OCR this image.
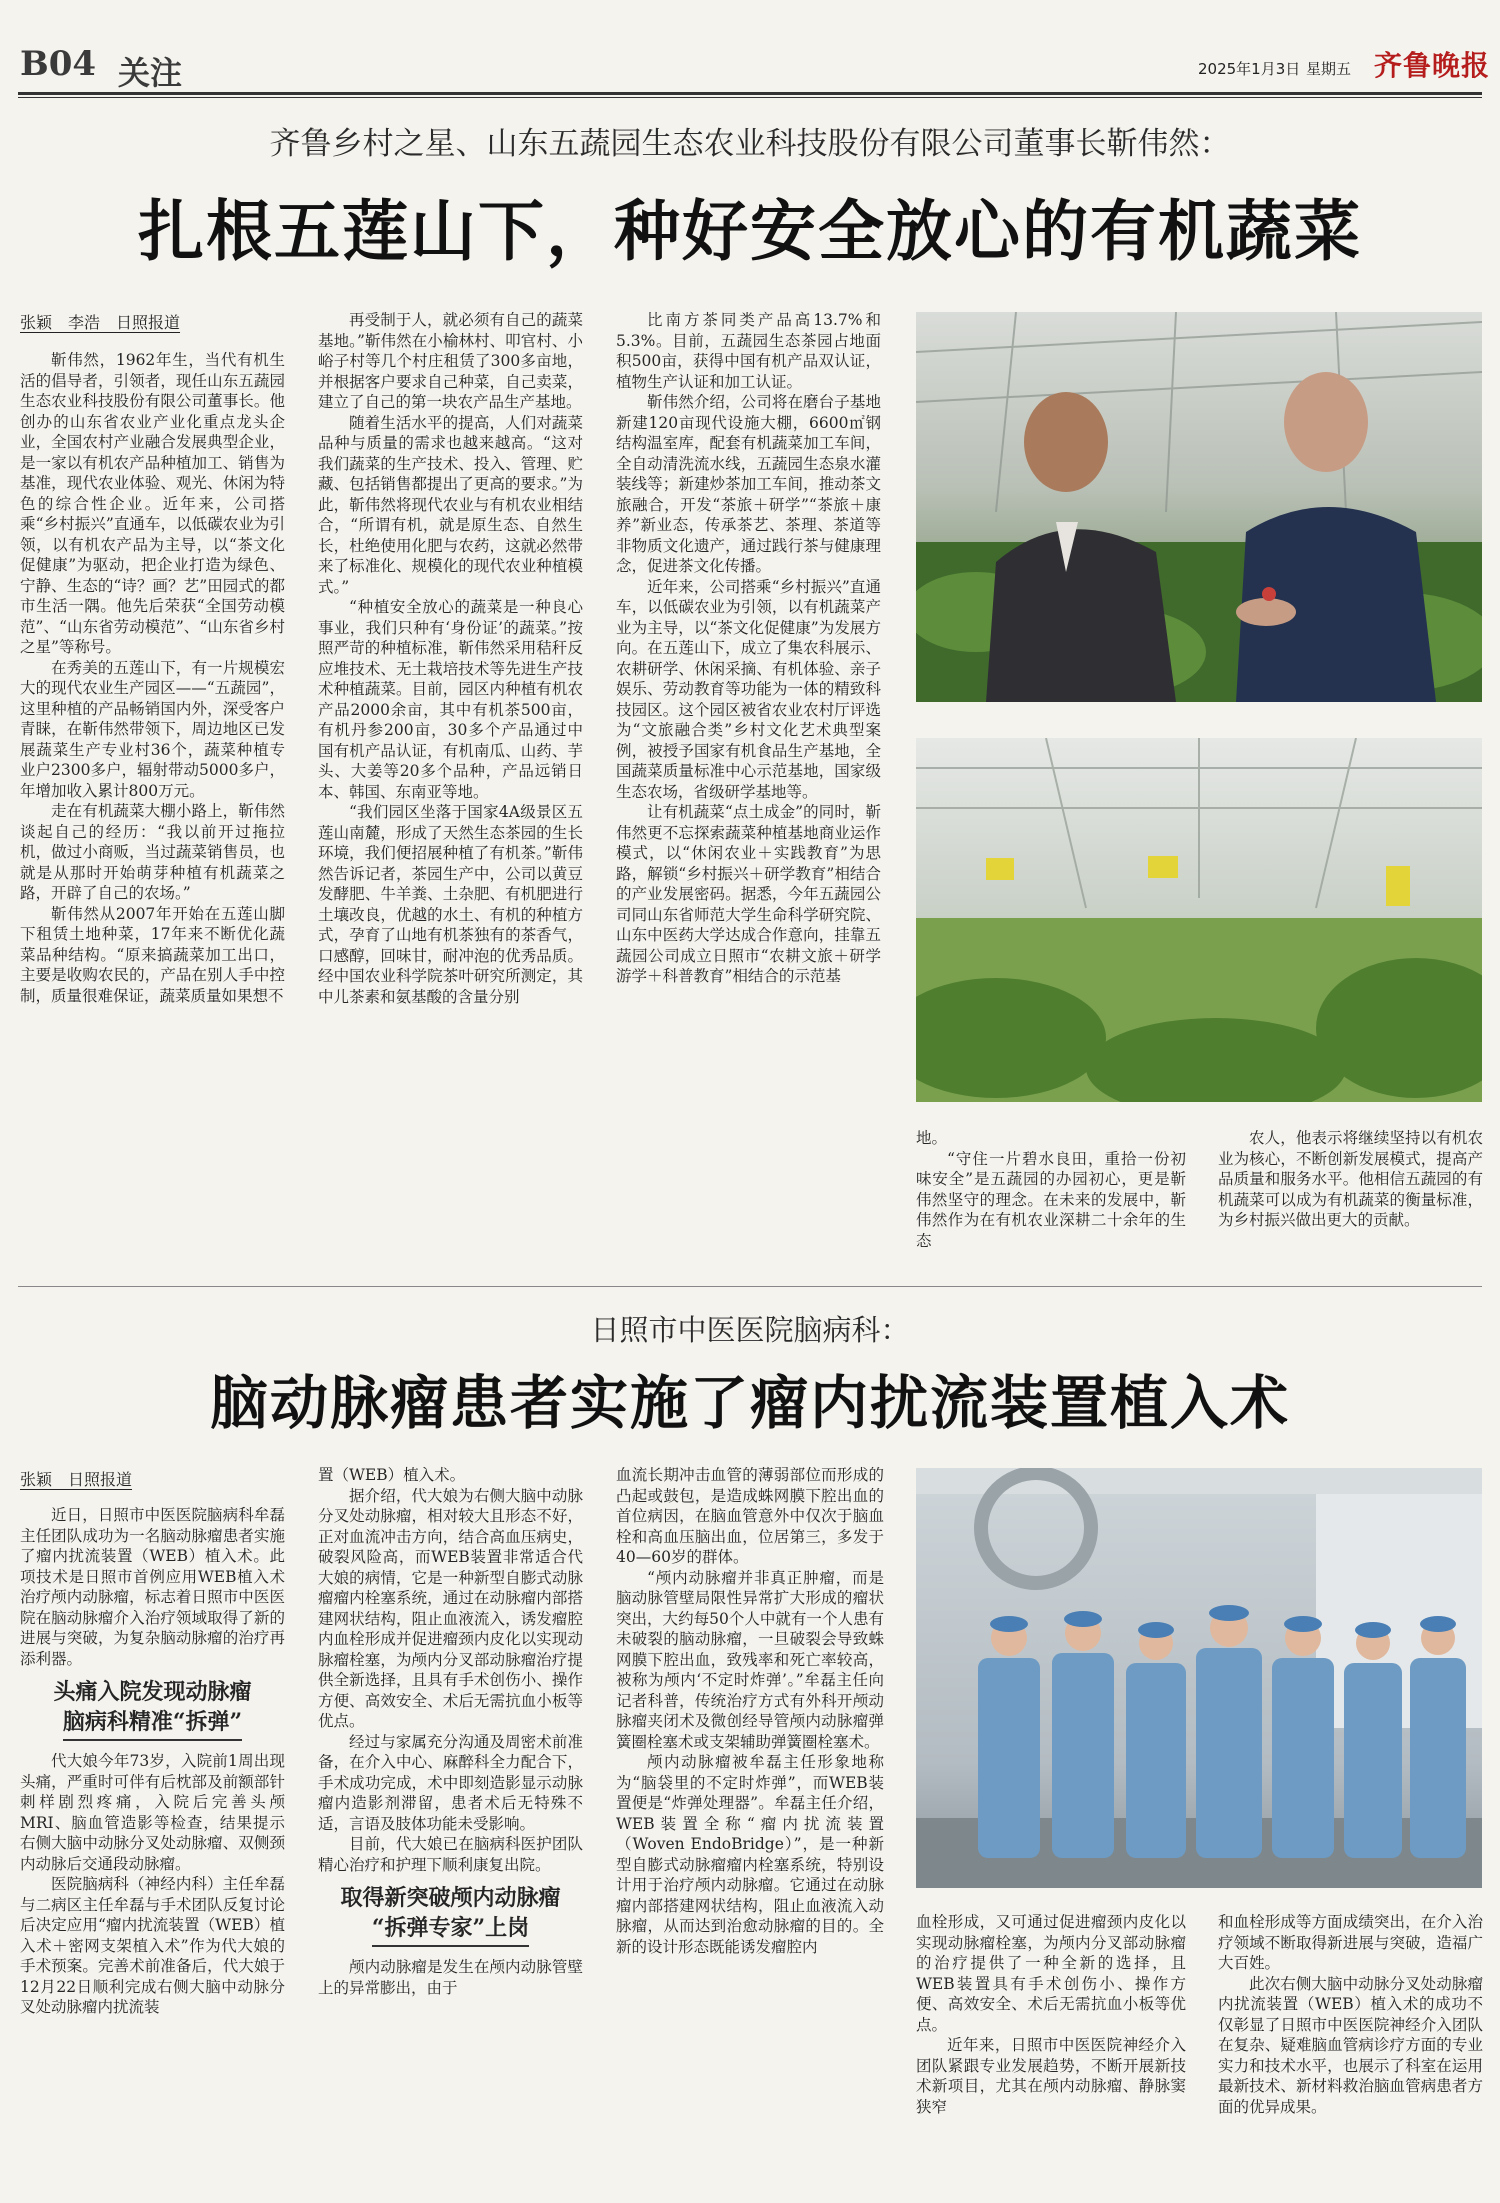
B04 关注	2025年1月3日 星期五 齐鲁晚报
齐鲁乡村之星、山东五蔬园生态农业科技股份有限公司董事长靳伟然：
扎根五莲山下，种好安全放心的有机蔬菜
张颖　李浩　日照报道

靳伟然，1962年生，当代有机生活的倡导者，引领者，现任山东五蔬园生态农业科技股份有限公司董事长。他创办的山东省农业产业化重点龙头企业，全国农村产业融合发展典型企业，是一家以有机农产品种植加工、销售为基准，现代农业体验、观光、休闲为特色的综合性企业。近年来，公司搭乘“乡村振兴”直通车，以低碳农业为引领，以有机农产品为主导，以“茶文化促健康”为驱动，把企业打造为绿色、宁静、生态的“诗？画？艺”田园式的都市生活一隅。他先后荣获“全国劳动模范”、“山东省劳动模范”、“山东省乡村之星”等称号。

在秀美的五莲山下，有一片规模宏大的现代农业生产园区——“五蔬园”，这里种植的产品畅销国内外，深受客户青睐，在靳伟然带领下，周边地区已发展蔬菜生产专业村36个，蔬菜种植专业户2300多户，辐射带动5000多户，年增加收入累计800万元。

走在有机蔬菜大棚小路上，靳伟然谈起自己的经历：“我以前开过拖拉机，做过小商贩，当过蔬菜销售员，也就是从那时开始萌芽种植有机蔬菜之路，开辟了自己的农场。”

靳伟然从2007年开始在五莲山脚下租赁土地种菜，17年来不断优化蔬菜品种结构。“原来搞蔬菜加工出口，主要是收购农民的，产品在别人手中控制，质量很难保证，蔬菜质量如果想不

再受制于人，就必须有自己的蔬菜基地。”靳伟然在小榆林村、叩官村、小峪子村等几个村庄租赁了300多亩地，并根据客户要求自己种菜，自己卖菜，建立了自己的第一块农产品生产基地。

随着生活水平的提高，人们对蔬菜品种与质量的需求也越来越高。“这对我们蔬菜的生产技术、投入、管理、贮藏、包括销售都提出了更高的要求。”为此，靳伟然将现代农业与有机农业相结合，“所谓有机，就是原生态、自然生长，杜绝使用化肥与农药，这就必然带来了标准化、规模化的现代农业种植模式。”

“种植安全放心的蔬菜是一种良心事业，我们只种有‘身份证’的蔬菜。”按照严苛的种植标准，靳伟然采用秸秆反应堆技术、无土栽培技术等先进生产技术种植蔬菜。目前，园区内种植有机农产品2000余亩，其中有机茶500亩，有机丹参200亩，30多个产品通过中国有机产品认证，有机南瓜、山药、芋头、大姜等20多个品种，产品远销日本、韩国、东南亚等地。

“我们园区坐落于国家4A级景区五莲山南麓，形成了天然生态茶园的生长环境，我们便招展种植了有机茶。”靳伟然告诉记者，茶园生产中，公司以黄豆发酵肥、牛羊粪、土杂肥、有机肥进行土壤改良，优越的水土、有机的种植方式，孕育了山地有机茶独有的茶香气，口感醇，回味甘，耐冲泡的优秀品质。经中国农业科学院茶叶研究所测定，其中儿茶素和氨基酸的含量分别

比南方茶同类产品高13.7%和5.3%。目前，五蔬园生态茶园占地面积500亩，获得中国有机产品双认证，植物生产认证和加工认证。

靳伟然介绍，公司将在磨台子基地新建120亩现代设施大棚，6600㎡钢结构温室库，配套有机蔬菜加工车间，全自动清洗流水线，五蔬园生态泉水灌装线等；新建炒茶加工车间，推动茶文旅融合，开发“茶旅＋研学”“茶旅＋康养”新业态，传承茶艺、茶理、茶道等非物质文化遗产，通过践行茶与健康理念，促进茶文化传播。

近年来，公司搭乘“乡村振兴”直通车，以低碳农业为引领，以有机蔬菜产业为主导，以“茶文化促健康”为发展方向。在五莲山下，成立了集农科展示、农耕研学、休闲采摘、有机体验、亲子娱乐、劳动教育等功能为一体的精致科技园区。这个园区被省农业农村厅评选为“文旅融合类”乡村文化艺术典型案例，被授予国家有机食品生产基地，全国蔬菜质量标准中心示范基地，国家级生态农场，省级研学基地等。

让有机蔬菜“点土成金”的同时，靳伟然更不忘探索蔬菜种植基地商业运作模式，以“休闲农业＋实践教育”为思路，解锁“乡村振兴＋研学教育”相结合的产业发展密码。据悉，今年五蔬园公司同山东省师范大学生命科学研究院、山东中医药大学达成合作意向，挂靠五蔬园公司成立日照市“农耕文旅＋研学游学＋科普教育”相结合的示范基

地。

“守住一片碧水良田，重拾一份初味安全”是五蔬园的办园初心，更是靳伟然坚守的理念。在未来的发展中，靳伟然作为在有机农业深耕二十余年的生态

农人，他表示将继续坚持以有机农业为核心，不断创新发展模式，提高产品质量和服务水平。他相信五蔬园的有机蔬菜可以成为有机蔬菜的衡量标准，为乡村振兴做出更大的贡献。

日照市中医医院脑病科：
脑动脉瘤患者实施了瘤内扰流装置植入术
张颖　日照报道

近日，日照市中医医院脑病科牟磊主任团队成功为一名脑动脉瘤患者实施了瘤内扰流装置（WEB）植入术。此项技术是日照市首例应用WEB植入术治疗颅内动脉瘤，标志着日照市中医医院在脑动脉瘤介入治疗领域取得了新的进展与突破，为复杂脑动脉瘤的治疗再添利器。

头痛入院发现动脉瘤
脑病科精准“拆弹”

代大娘今年73岁，入院前1周出现头痛，严重时可伴有后枕部及前额部针刺样剧烈疼痛，入院后完善头颅MRI、脑血管造影等检查，结果提示右侧大脑中动脉分叉处动脉瘤、双侧颈内动脉后交通段动脉瘤。

医院脑病科（神经内科）主任牟磊与二病区主任牟磊与手术团队反复讨论后决定应用“瘤内扰流装置（WEB）植入术＋密网支架植入术”作为代大娘的手术预案。完善术前准备后，代大娘于12月22日顺利完成右侧大脑中动脉分叉处动脉瘤内扰流装

置（WEB）植入术。

据介绍，代大娘为右侧大脑中动脉分叉处动脉瘤，相对较大且形态不好，正对血流冲击方向，结合高血压病史，破裂风险高，而WEB装置非常适合代大娘的病情，它是一种新型自膨式动脉瘤瘤内栓塞系统，通过在动脉瘤内部搭建网状结构，阻止血液流入，诱发瘤腔内血栓形成并促进瘤颈内皮化以实现动脉瘤栓塞，为颅内分叉部动脉瘤治疗提供全新选择，且具有手术创伤小、操作方便、高效安全、术后无需抗血小板等优点。

经过与家属充分沟通及周密术前准备，在介入中心、麻醉科全力配合下，手术成功完成，术中即刻造影显示动脉瘤内造影剂滞留，患者术后无特殊不适，言语及肢体功能未受影响。

目前，代大娘已在脑病科医护团队精心治疗和护理下顺利康复出院。

取得新突破颅内动脉瘤
“拆弹专家”上岗

颅内动脉瘤是发生在颅内动脉管壁上的异常膨出，由于

血流长期冲击血管的薄弱部位而形成的凸起或鼓包，是造成蛛网膜下腔出血的首位病因，在脑血管意外中仅次于脑血栓和高血压脑出血，位居第三，多发于40—60岁的群体。

“颅内动脉瘤并非真正肿瘤，而是脑动脉管壁局限性异常扩大形成的瘤状突出，大约每50个人中就有一个人患有未破裂的脑动脉瘤，一旦破裂会导致蛛网膜下腔出血，致残率和死亡率较高，被称为颅内‘不定时炸弹’。”牟磊主任向记者科普，传统治疗方式有外科开颅动脉瘤夹闭术及微创经导管颅内动脉瘤弹簧圈栓塞术或支架辅助弹簧圈栓塞术。

颅内动脉瘤被牟磊主任形象地称为“脑袋里的不定时炸弹”，而WEB装置便是“炸弹处理器”。牟磊主任介绍，WEB装置全称“瘤内扰流装置（Woven EndoBridge）”，是一种新型自膨式动脉瘤瘤内栓塞系统，特别设计用于治疗颅内动脉瘤。它通过在动脉瘤内部搭建网状结构，阻止血液流入动脉瘤，从而达到治愈动脉瘤的目的。全新的设计形态既能诱发瘤腔内

血栓形成，又可通过促进瘤颈内皮化以实现动脉瘤栓塞，为颅内分叉部动脉瘤的治疗提供了一种全新的选择，且WEB装置具有手术创伤小、操作方便、高效安全、术后无需抗血小板等优点。

近年来，日照市中医医院神经介入团队紧跟专业发展趋势，不断开展新技术新项目，尤其在颅内动脉瘤、静脉窦狭窄

和血栓形成等方面成绩突出，在介入治疗领域不断取得新进展与突破，造福广大百姓。

此次右侧大脑中动脉分叉处动脉瘤内扰流装置（WEB）植入术的成功不仅彰显了日照市中医医院神经介入团队在复杂、疑难脑血管病诊疗方面的专业实力和技术水平，也展示了科室在运用最新技术、新材料救治脑血管病患者方面的优异成果。
